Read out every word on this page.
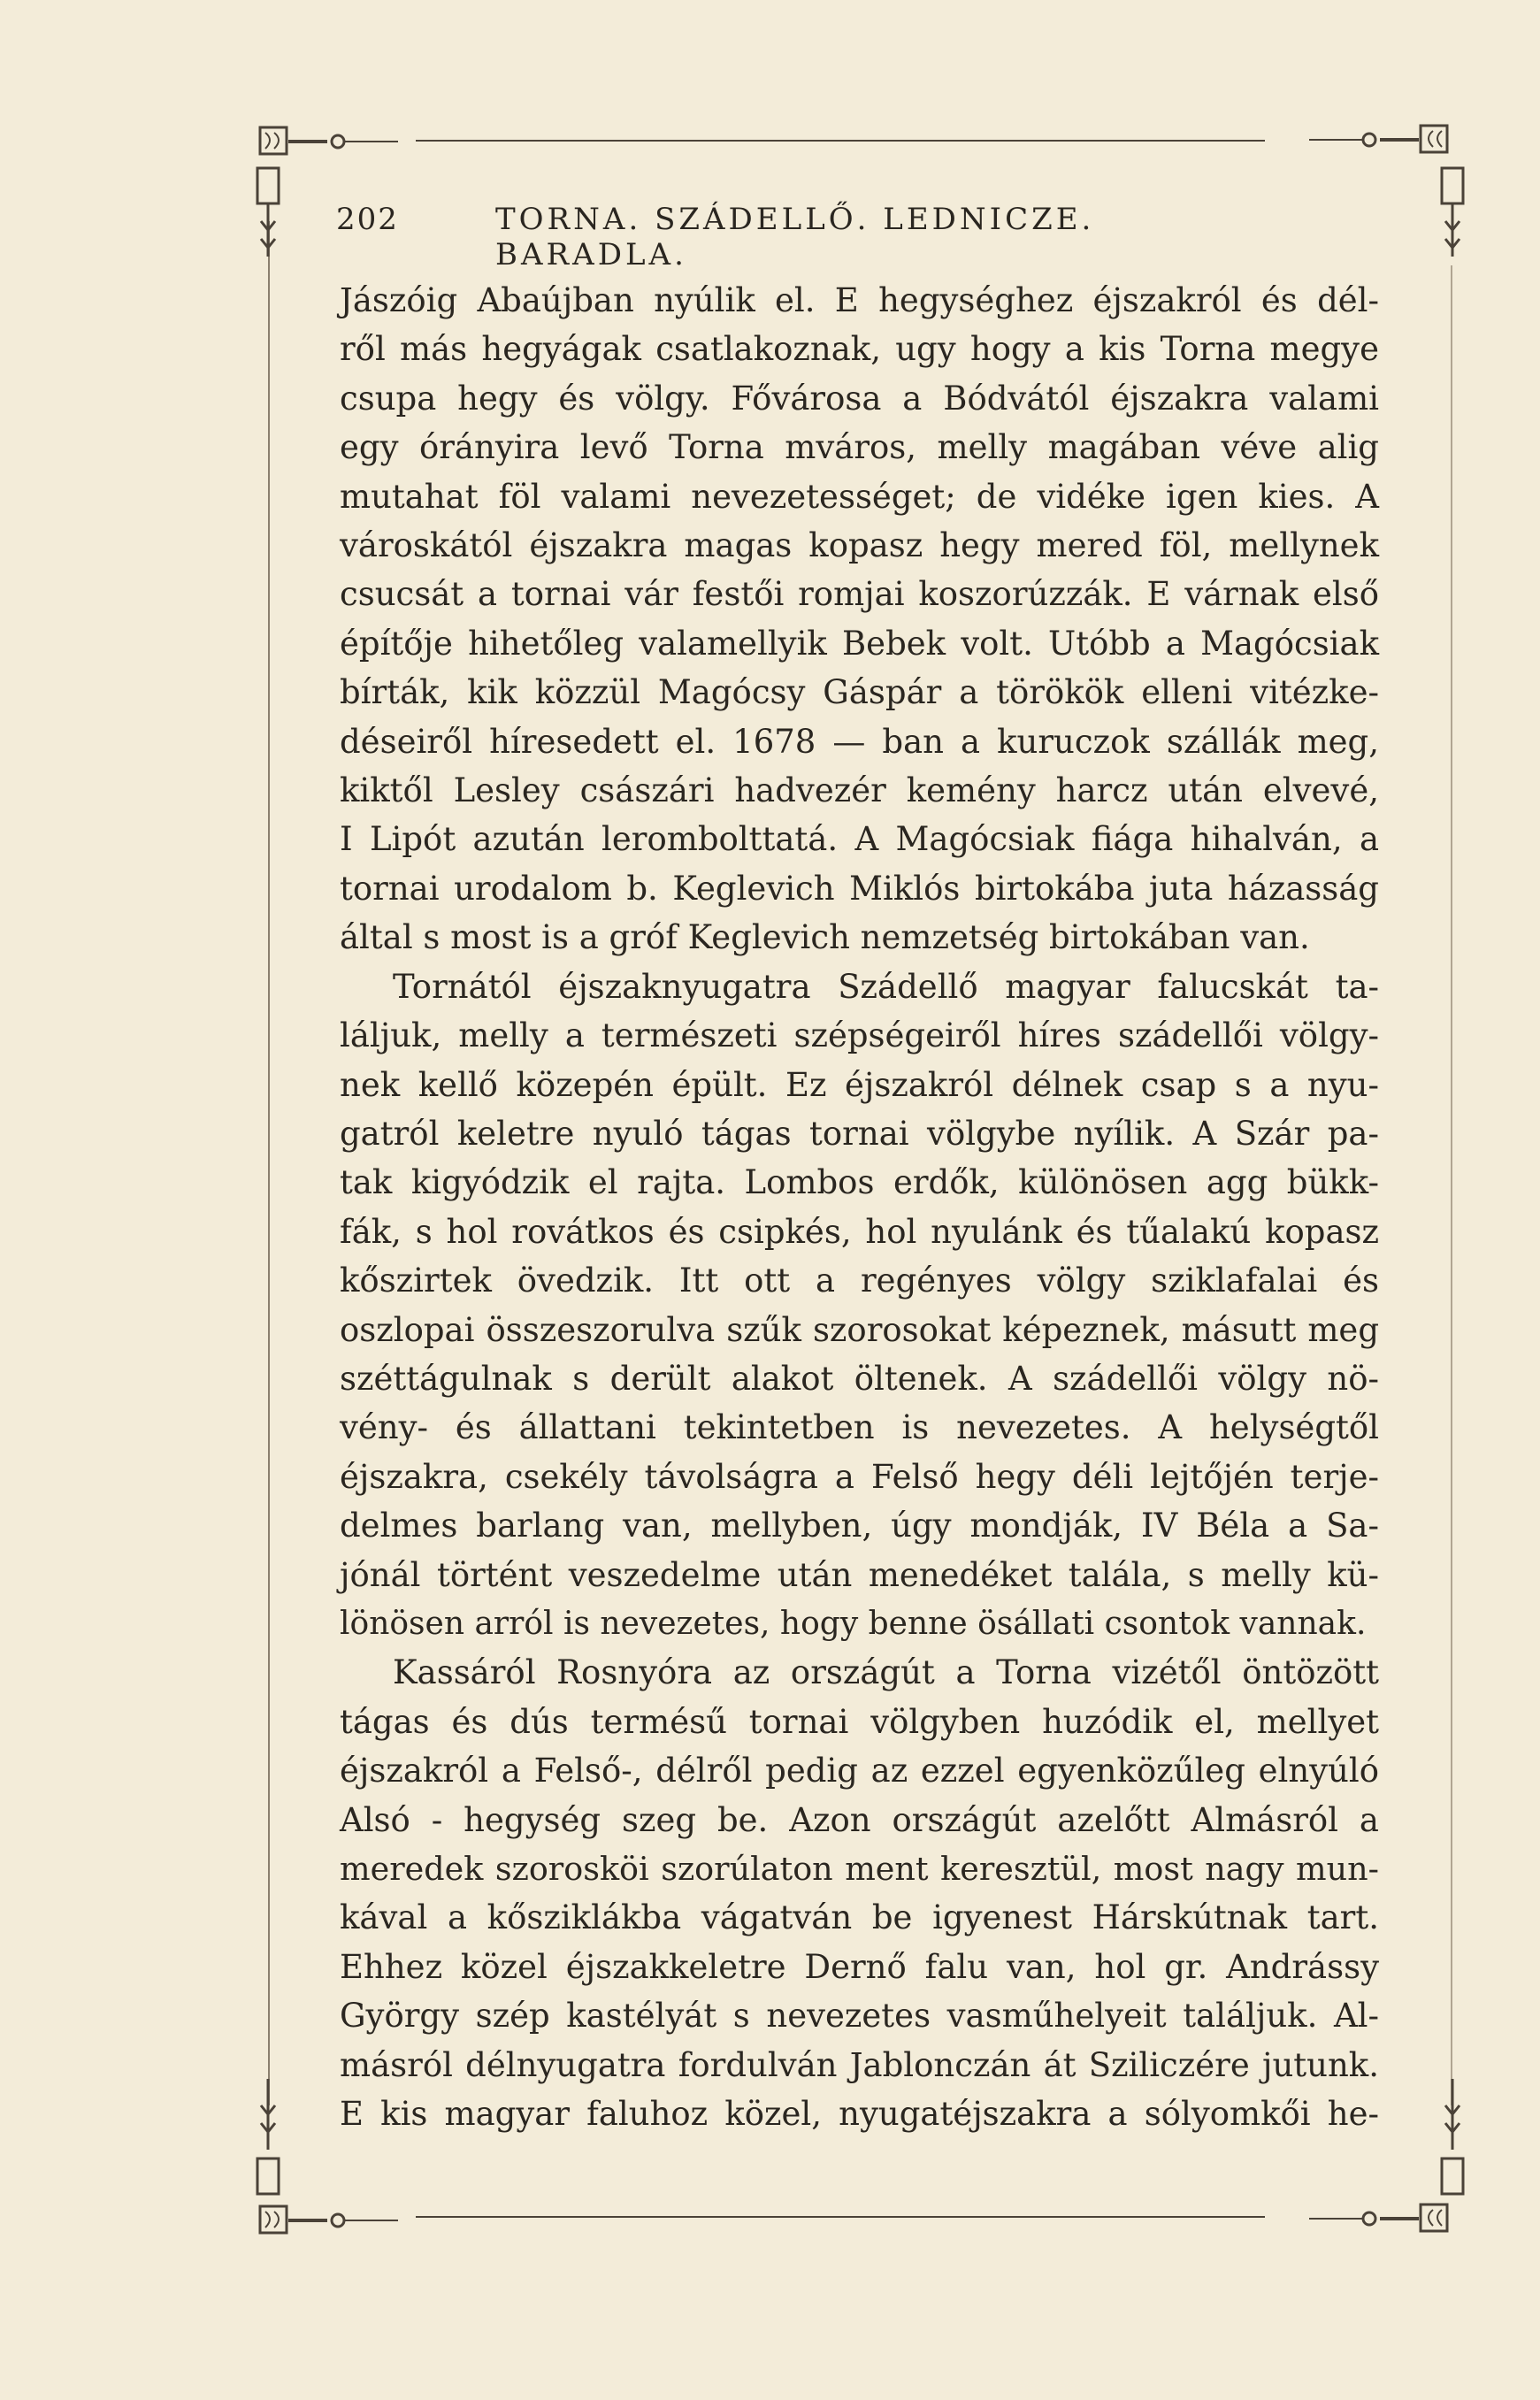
202	TORNA. SZÁDELLŐ. LEDNICZE. BARADLA.
Jászóig Abaújban nyúlik el. E hegységhez éjszakról és dél-
ről más hegyágak csatlakoznak, ugy hogy a kis Torna megye
csupa hegy és völgy. Fővárosa a Bódvától éjszakra valami
egy órányira levő Torna mváros, melly magában véve alig
mutahat föl valami nevezetességet; de vidéke igen kies. A
városkától éjszakra magas kopasz hegy mered föl, mellynek
csucsát a tornai vár festői romjai koszorúzzák. E várnak első
építője hihetőleg valamellyik Bebek volt. Utóbb a Magócsiak
bírták, kik közzül Magócsy Gáspár a törökök elleni vitézke-
déseiről híresedett el. 1678 — ban a kuruczok szállák meg,
kiktől Lesley császári hadvezér kemény harcz után elvevé,
I Lipót azután lerombolttatá. A Magócsiak fiága hihalván, a
tornai urodalom b. Keglevich Miklós birtokába juta házasság
által s most is a gróf Keglevich nemzetség birtokában van.
Tornától éjszaknyugatra Szádellő magyar falucskát ta-
láljuk, melly a természeti szépségeiről híres szádellői völgy-
nek kellő közepén épült. Ez éjszakról délnek csap s a nyu-
gatról keletre nyuló tágas tornai völgybe nyílik. A Szár pa-
tak kigyódzik el rajta. Lombos erdők, különösen agg bükk-
fák, s hol rovátkos és csipkés, hol nyulánk és tűalakú kopasz
kőszirtek övedzik. Itt ott a regényes völgy sziklafalai és
oszlopai összeszorulva szűk szorosokat képeznek, másutt meg
széttágulnak s derült alakot öltenek. A szádellői völgy nö-
vény- és állattani tekintetben is nevezetes. A helységtől
éjszakra, csekély távolságra a Felső hegy déli lejtőjén terje-
delmes barlang van, mellyben, úgy mondják, IV Béla a Sa-
jónál történt veszedelme után menedéket talála, s melly kü-
lönösen arról is nevezetes, hogy benne ösállati csontok vannak.
Kassáról Rosnyóra az országút a Torna vizétől öntözött
tágas és dús termésű tornai völgyben huzódik el, mellyet
éjszakról a Felső-, délről pedig az ezzel egyenközűleg elnyúló
Alsó - hegység szeg be. Azon országút azelőtt Almásról a
meredek szorosköi szorúlaton ment keresztül, most nagy mun-
kával a kősziklákba vágatván be igyenest Hárskútnak tart.
Ehhez közel éjszakkeletre Dernő falu van, hol gr. Andrássy
György szép kastélyát s nevezetes vasműhelyeit találjuk. Al-
másról délnyugatra fordulván Jablonczán át Sziliczére jutunk.
E kis magyar faluhoz közel, nyugatéjszakra a sólyomkői he-
